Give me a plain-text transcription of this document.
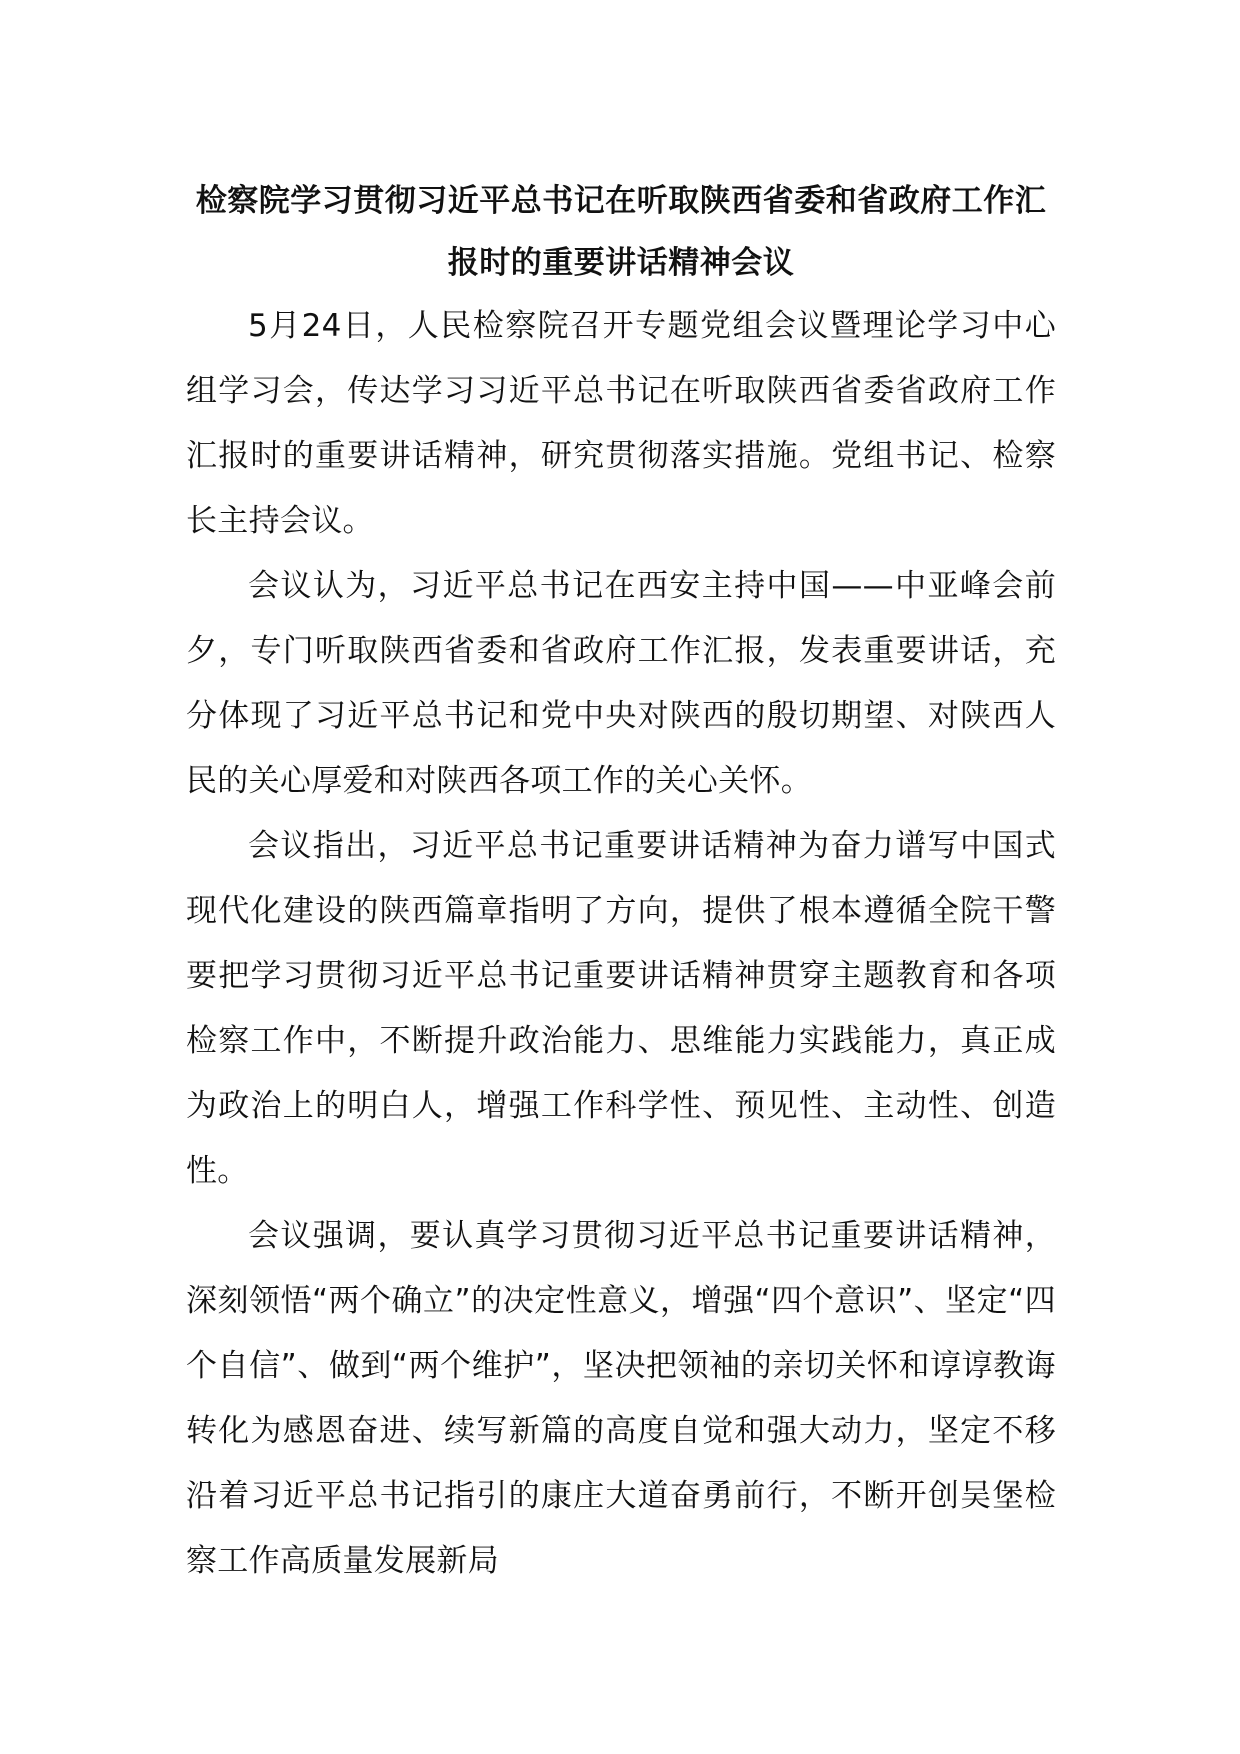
检察院学习贯彻习近平总书记在听取陕西省委和省政府工作汇报时的重要讲话精神会议

5月24日，人民检察院召开专题党组会议暨理论学习中心组学习会，传达学习习近平总书记在听取陕西省委省政府工作汇报时的重要讲话精神，研究贯彻落实措施。党组书记、检察长主持会议。

会议认为，习近平总书记在西安主持中国——中亚峰会前夕，专门听取陕西省委和省政府工作汇报，发表重要讲话，充分体现了习近平总书记和党中央对陕西的殷切期望、对陕西人民的关心厚爱和对陕西各项工作的关心关怀。

会议指出，习近平总书记重要讲话精神为奋力谱写中国式现代化建设的陕西篇章指明了方向，提供了根本遵循全院干警要把学习贯彻习近平总书记重要讲话精神贯穿主题教育和各项检察工作中，不断提升政治能力、思维能力实践能力，真正成为政治上的明白人，增强工作科学性、预见性、主动性、创造性。

会议强调，要认真学习贯彻习近平总书记重要讲话精神，深刻领悟“两个确立”的决定性意义，增强“四个意识”、坚定“四个自信”、做到“两个维护”，坚决把领袖的亲切关怀和谆谆教诲转化为感恩奋进、续写新篇的高度自觉和强大动力，坚定不移沿着习近平总书记指引的康庄大道奋勇前行，不断开创吴堡检察工作高质量发展新局
